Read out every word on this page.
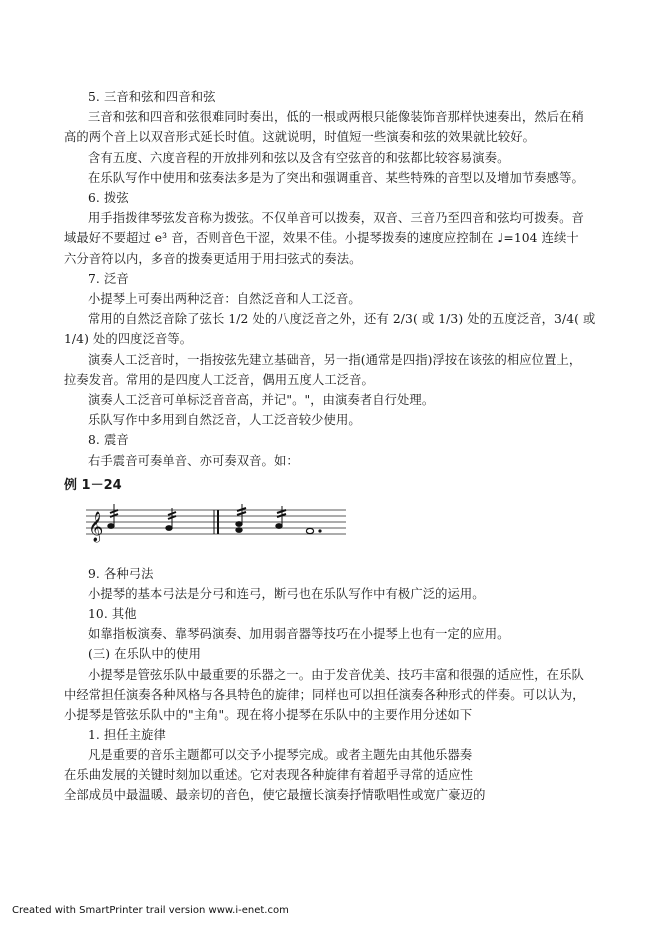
5. 三音和弦和四音和弦
三音和弦和四音和弦很难同时奏出，低的一根或两根只能像装饰音那样快速奏出，然后在稍
高的两个音上以双音形式延长时值。这就说明，时值短一些演奏和弦的效果就比较好。
含有五度、六度音程的开放排列和弦以及含有空弦音的和弦都比较容易演奏。
在乐队写作中使用和弦奏法多是为了突出和强调重音、某些特殊的音型以及增加节奏感等。
6. 拨弦
用手指拨律琴弦发音称为拨弦。不仅单音可以拨奏，双音、三音乃至四音和弦均可拨奏。音
域最好不要超过 e³ 音，否则音色干涩，效果不佳。小提琴拨奏的速度应控制在 ♩=104 连续十
六分音符以内，多音的拨奏更适用于用扫弦式的奏法。
7. 泛音
小提琴上可奏出两种泛音：自然泛音和人工泛音。
常用的自然泛音除了弦长 1/2 处的八度泛音之外，还有 2/3( 或 1/3) 处的五度泛音，3/4( 或
1/4) 处的四度泛音等。
演奏人工泛音时，一指按弦先建立基础音，另一指(通常是四指)浮按在该弦的相应位置上，
拉奏发音。常用的是四度人工泛音，偶用五度人工泛音。
演奏人工泛音可单标泛音音高，并记"。"，由演奏者自行处理。
乐队写作中多用到自然泛音，人工泛音较少使用。
8. 震音
右手震音可奏单音、亦可奏双音。如：
例 1－24
𝄞
9. 各种弓法
小提琴的基本弓法是分弓和连弓，断弓也在乐队写作中有极广泛的运用。
10. 其他
如靠指板演奏、靠琴码演奏、加用弱音器等技巧在小提琴上也有一定的应用。
(三) 在乐队中的使用
小提琴是管弦乐队中最重要的乐器之一。由于发音优美、技巧丰富和很强的适应性，在乐队
中经常担任演奏各种风格与各具特色的旋律；同样也可以担任演奏各种形式的伴奏。可以认为，
小提琴是管弦乐队中的"主角"。现在将小提琴在乐队中的主要作用分述如下
1. 担任主旋律
凡是重要的音乐主题都可以交予小提琴完成。或者主题先由其他乐器奏
在乐曲发展的关键时刻加以重述。它对表现各种旋律有着超乎寻常的适应性
全部成员中最温暖、最亲切的音色，使它最擅长演奏抒情歌唱性或宽广豪迈的
Created with SmartPrinter trail version www.i-enet.com
